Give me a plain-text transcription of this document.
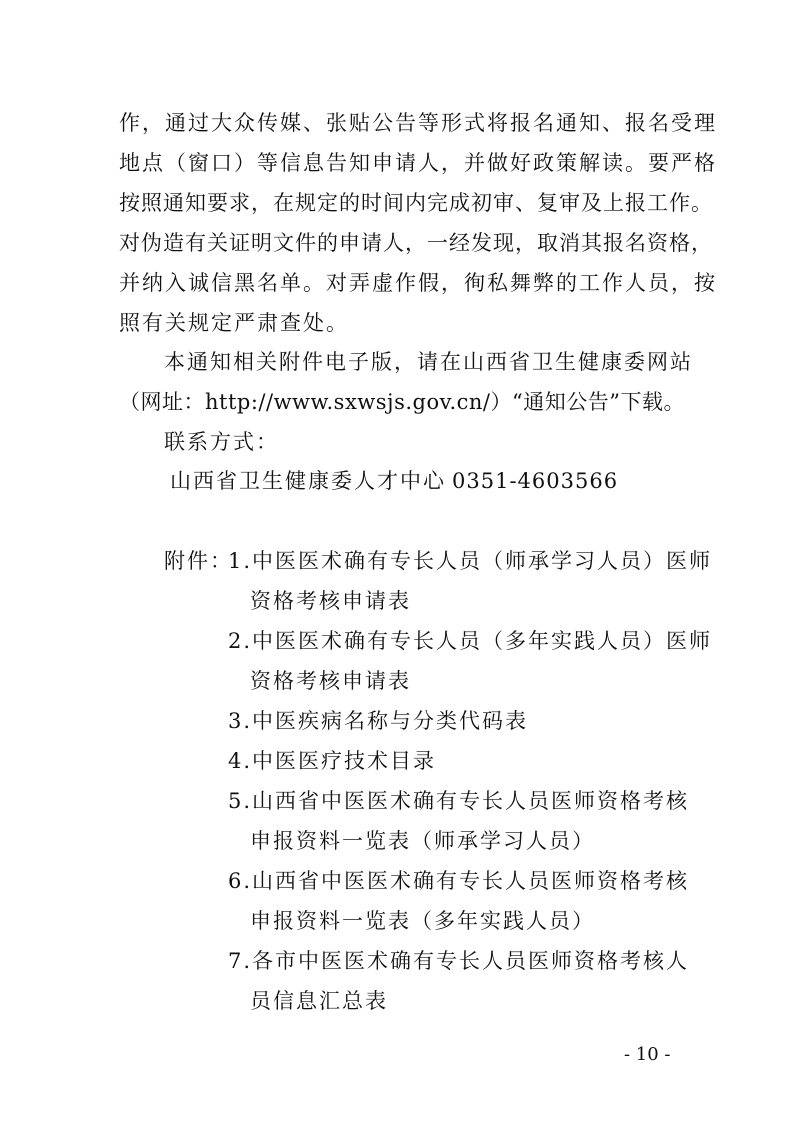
作，通过大众传媒、张贴公告等形式将报名通知、报名受理
地点（窗口）等信息告知申请人，并做好政策解读。要严格
按照通知要求，在规定的时间内完成初审、复审及上报工作。
对伪造有关证明文件的申请人，一经发现，取消其报名资格，
并纳入诚信黑名单。对弄虚作假，徇私舞弊的工作人员，按
照有关规定严肃查处。
本通知相关附件电子版，请在山西省卫生健康委网站
（网址：http://www.sxwsjs.gov.cn/）“通知公告”下载。
联系方式：
山西省卫生健康委人才中心 0351-4603566
附件：
1.中医医术确有专长人员（师承学习人员）医师
资格考核申请表
2.中医医术确有专长人员（多年实践人员）医师
资格考核申请表
3.中医疾病名称与分类代码表
4.中医医疗技术目录
5.山西省中医医术确有专长人员医师资格考核
申报资料一览表（师承学习人员）
6.山西省中医医术确有专长人员医师资格考核
申报资料一览表（多年实践人员）
7.各市中医医术确有专长人员医师资格考核人
员信息汇总表
- 10 -
